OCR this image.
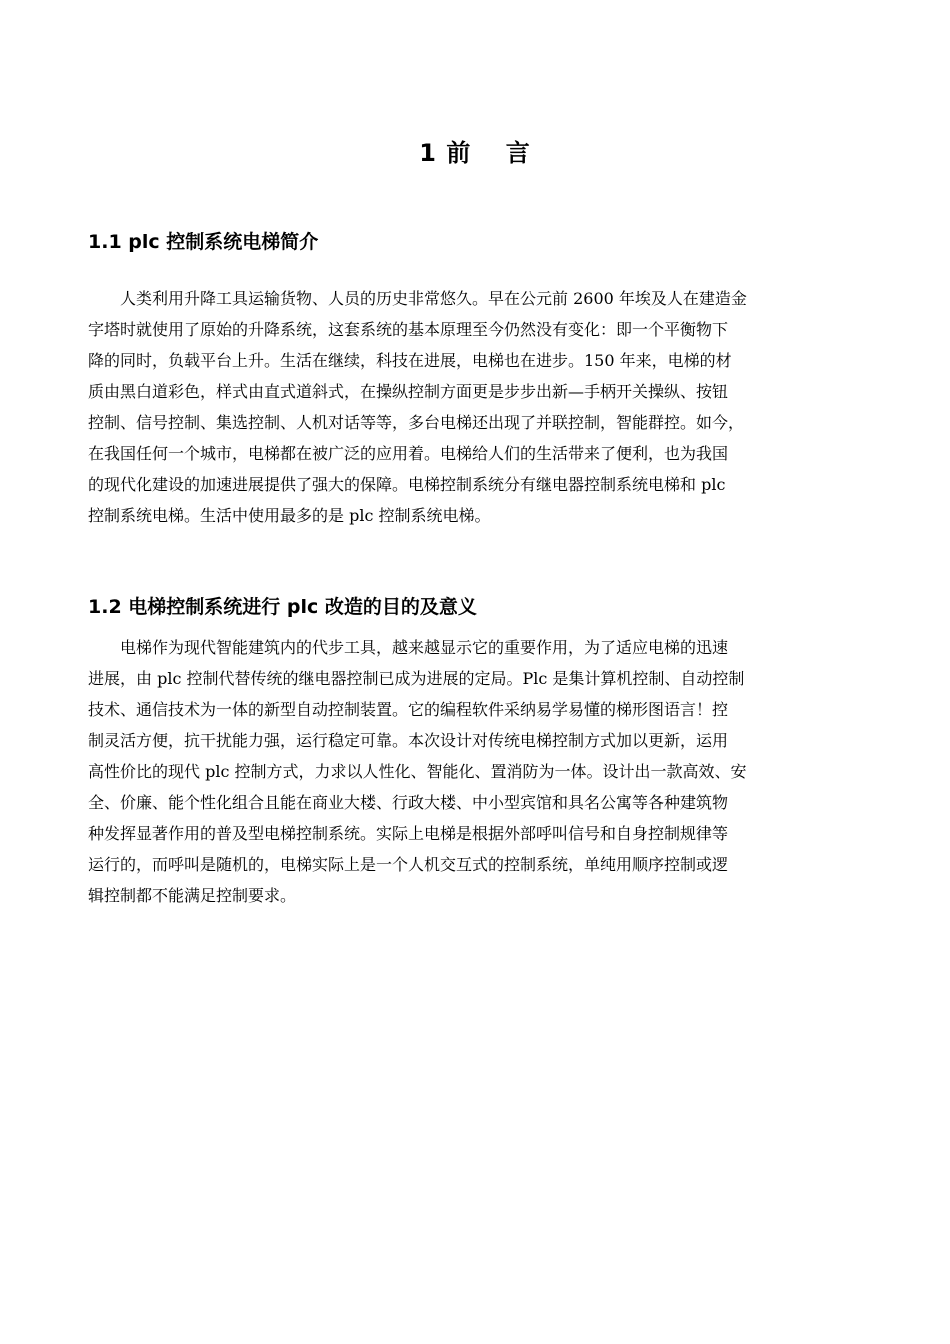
1 前　 言
1.1 plc 控制系统电梯简介
　　人类利用升降工具运输货物、人员的历史非常悠久。早在公元前 2600 年埃及人在建造金
字塔时就使用了原始的升降系统，这套系统的基本原理至今仍然没有变化：即一个平衡物下
降的同时，负载平台上升。生活在继续，科技在进展，电梯也在进步。150 年来，电梯的材
质由黑白道彩色，样式由直式道斜式，在操纵控制方面更是步步出新—手柄开关操纵、按钮
控制、信号控制、集选控制、人机对话等等，多台电梯还出现了并联控制，智能群控。如今，
在我国任何一个城市，电梯都在被广泛的应用着。电梯给人们的生活带来了便利，也为我国
的现代化建设的加速进展提供了强大的保障。电梯控制系统分有继电器控制系统电梯和 plc
控制系统电梯。生活中使用最多的是 plc 控制系统电梯。
1.2 电梯控制系统进行 plc 改造的目的及意义
　　电梯作为现代智能建筑内的代步工具，越来越显示它的重要作用，为了适应电梯的迅速
进展，由 plc 控制代替传统的继电器控制已成为进展的定局。Plc 是集计算机控制、自动控制
技术、通信技术为一体的新型自动控制装置。它的编程软件采纳易学易懂的梯形图语言！控
制灵活方便，抗干扰能力强，运行稳定可靠。本次设计对传统电梯控制方式加以更新，运用
高性价比的现代 plc 控制方式，力求以人性化、智能化、置消防为一体。设计出一款高效、安
全、价廉、能个性化组合且能在商业大楼、行政大楼、中小型宾馆和具名公寓等各种建筑物
种发挥显著作用的普及型电梯控制系统。实际上电梯是根据外部呼叫信号和自身控制规律等
运行的，而呼叫是随机的，电梯实际上是一个人机交互式的控制系统，单纯用顺序控制或逻
辑控制都不能满足控制要求。
